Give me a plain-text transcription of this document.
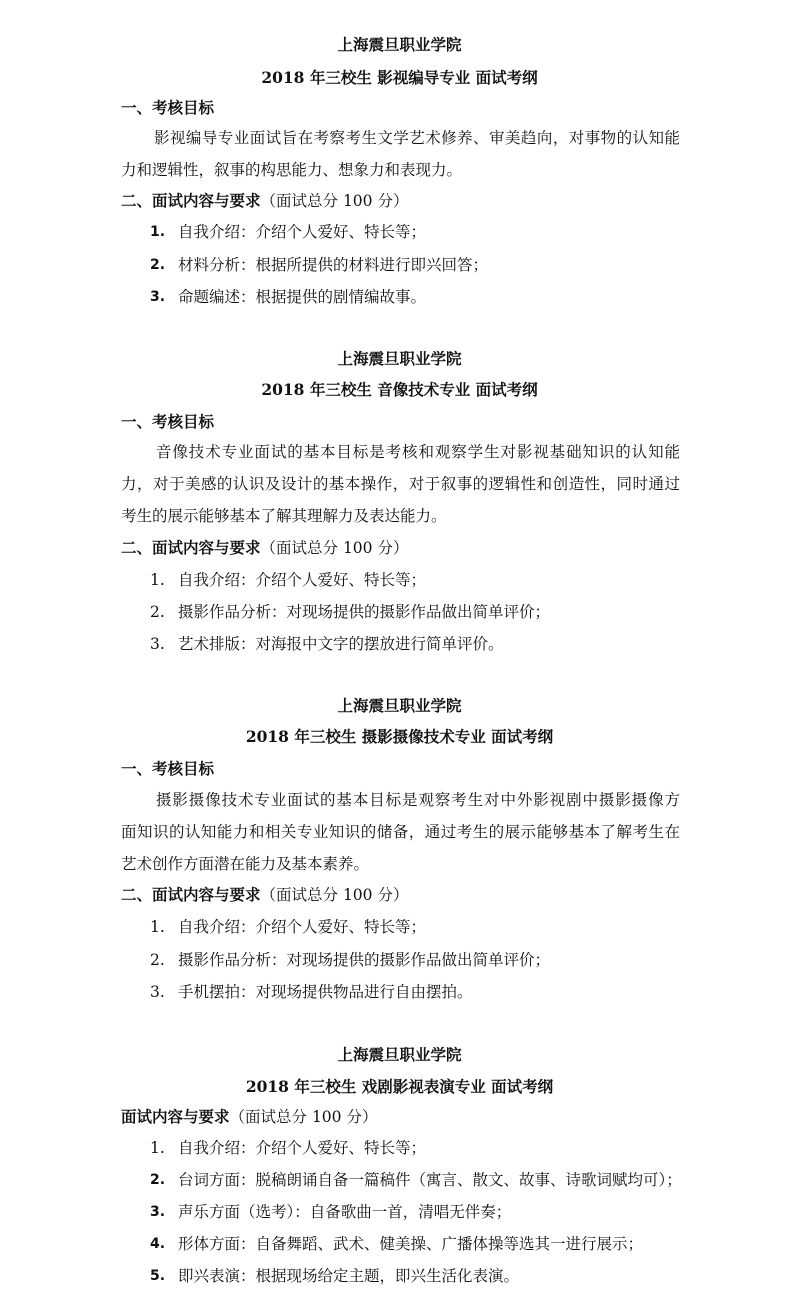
上海震旦职业学院
2018 年三校生 影视编导专业 面试考纲
一、考核目标
影视编导专业面试旨在考察考生文学艺术修养、审美趋向，对事物的认知能
力和逻辑性，叙事的构思能力、想象力和表现力。
二、面试内容与要求（面试总分 100 分）
1. 自我介绍：介绍个人爱好、特长等；
2. 材料分析：根据所提供的材料进行即兴回答；
3. 命题编述：根据提供的剧情编故事。
上海震旦职业学院
2018 年三校生 音像技术专业 面试考纲
一、考核目标
音像技术专业面试的基本目标是考核和观察学生对影视基础知识的认知能
力，对于美感的认识及设计的基本操作，对于叙事的逻辑性和创造性，同时通过
考生的展示能够基本了解其理解力及表达能力。
二、面试内容与要求（面试总分 100 分）
1. 自我介绍：介绍个人爱好、特长等；
2. 摄影作品分析：对现场提供的摄影作品做出简单评价；
3. 艺术排版：对海报中文字的摆放进行简单评价。
上海震旦职业学院
2018 年三校生 摄影摄像技术专业 面试考纲
一、考核目标
摄影摄像技术专业面试的基本目标是观察考生对中外影视剧中摄影摄像方
面知识的认知能力和相关专业知识的储备，通过考生的展示能够基本了解考生在
艺术创作方面潜在能力及基本素养。
二、面试内容与要求（面试总分 100 分）
1. 自我介绍：介绍个人爱好、特长等；
2. 摄影作品分析：对现场提供的摄影作品做出简单评价；
3. 手机摆拍：对现场提供物品进行自由摆拍。
上海震旦职业学院
2018 年三校生 戏剧影视表演专业 面试考纲
面试内容与要求（面试总分 100 分）
1. 自我介绍：介绍个人爱好、特长等；
2. 台词方面：脱稿朗诵自备一篇稿件（寓言、散文、故事、诗歌词赋均可）；
3. 声乐方面（选考）：自备歌曲一首，清唱无伴奏；
4. 形体方面：自备舞蹈、武术、健美操、广播体操等选其一进行展示；
5. 即兴表演：根据现场给定主题，即兴生活化表演。
